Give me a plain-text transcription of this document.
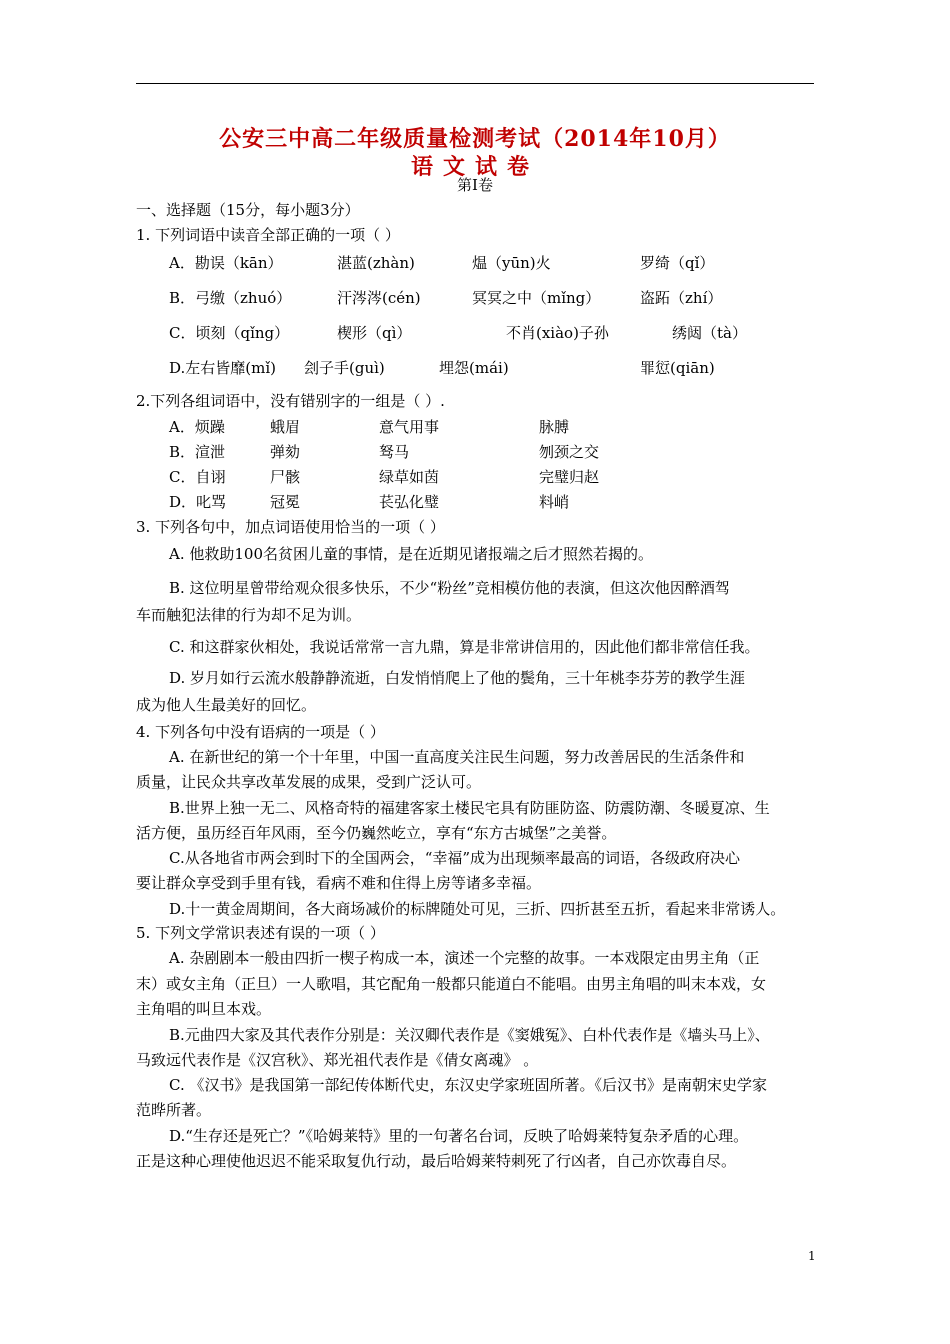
公安三中高二年级质量检测考试（2014年10月）
语文试卷
第Ⅰ卷
一、选择题（15分，每小题3分）
1. 下列词语中读音全部正确的一项（ ）
A．勘误（kān）	湛蓝(zhàn)	煴（yūn)火	罗绮（qǐ）
B．弓缴（zhuó）	汗涔涔(cén)	冥冥之中（mǐng）	盗跖（zhí）
C．顷刻（qǐng）	楔形（qì）	不肖(xiào)子孙	绣闼（tà）
D.左右皆靡(mǐ) 刽子手(guì)	埋怨(mái)	罪愆(qiān)
2.下列各组词语中，没有错别字的一组是（ ）.
A．烦躁	蛾眉	意气用事	脉膊
B．渲泄	弹劾	驽马	刎颈之交
C．自诩	尸骸	绿草如茵	完璧归赵
D．叱骂	冠冕	苌弘化璧	料峭
3. 下列各句中，加点词语使用恰当的一项（ ）
A. 他救助100名贫困儿童的事情，是在近期见诸报端之后才照然若揭的。
B. 这位明星曾带给观众很多快乐，不少“粉丝”竞相模仿他的表演，但这次他因醉酒驾
车而触犯法律的行为却不足为训。
C. 和这群家伙相处，我说话常常一言九鼎，算是非常讲信用的，因此他们都非常信任我。
D. 岁月如行云流水般静静流逝，白发悄悄爬上了他的鬓角，三十年桃李芬芳的教学生涯
成为他人生最美好的回忆。
4. 下列各句中没有语病的一项是（ ）
A. 在新世纪的第一个十年里，中国一直高度关注民生问题，努力改善居民的生活条件和
质量，让民众共享改革发展的成果，受到广泛认可。
B.世界上独一无二、风格奇特的福建客家土楼民宅具有防匪防盗、防震防潮、冬暖夏凉、生
活方便，虽历经百年风雨，至今仍巍然屹立，享有“东方古城堡”之美誉。
C.从各地省市两会到时下的全国两会，“幸福”成为出现频率最高的词语，各级政府决心
要让群众享受到手里有钱，看病不难和住得上房等诸多幸福。
D.十一黄金周期间，各大商场减价的标牌随处可见，三折、四折甚至五折，看起来非常诱人。
5. 下列文学常识表述有误的一项（ ）
A. 杂剧剧本一般由四折一楔子构成一本，演述一个完整的故事。一本戏限定由男主角（正
末）或女主角（正旦）一人歌唱，其它配角一般都只能道白不能唱。由男主角唱的叫末本戏，女
主角唱的叫旦本戏。
B.元曲四大家及其代表作分别是：关汉卿代表作是《窦娥冤》、白朴代表作是《墙头马上》、
马致远代表作是《汉宫秋》、郑光祖代表作是《倩女离魂》 。
C. 《汉书》是我国第一部纪传体断代史，东汉史学家班固所著。《后汉书》是南朝宋史学家
范晔所著。
D.“生存还是死亡？”《哈姆莱特》里的一句著名台词，反映了哈姆莱特复杂矛盾的心理。
正是这种心理使他迟迟不能采取复仇行动，最后哈姆莱特刺死了行凶者，自己亦饮毒自尽。
1
